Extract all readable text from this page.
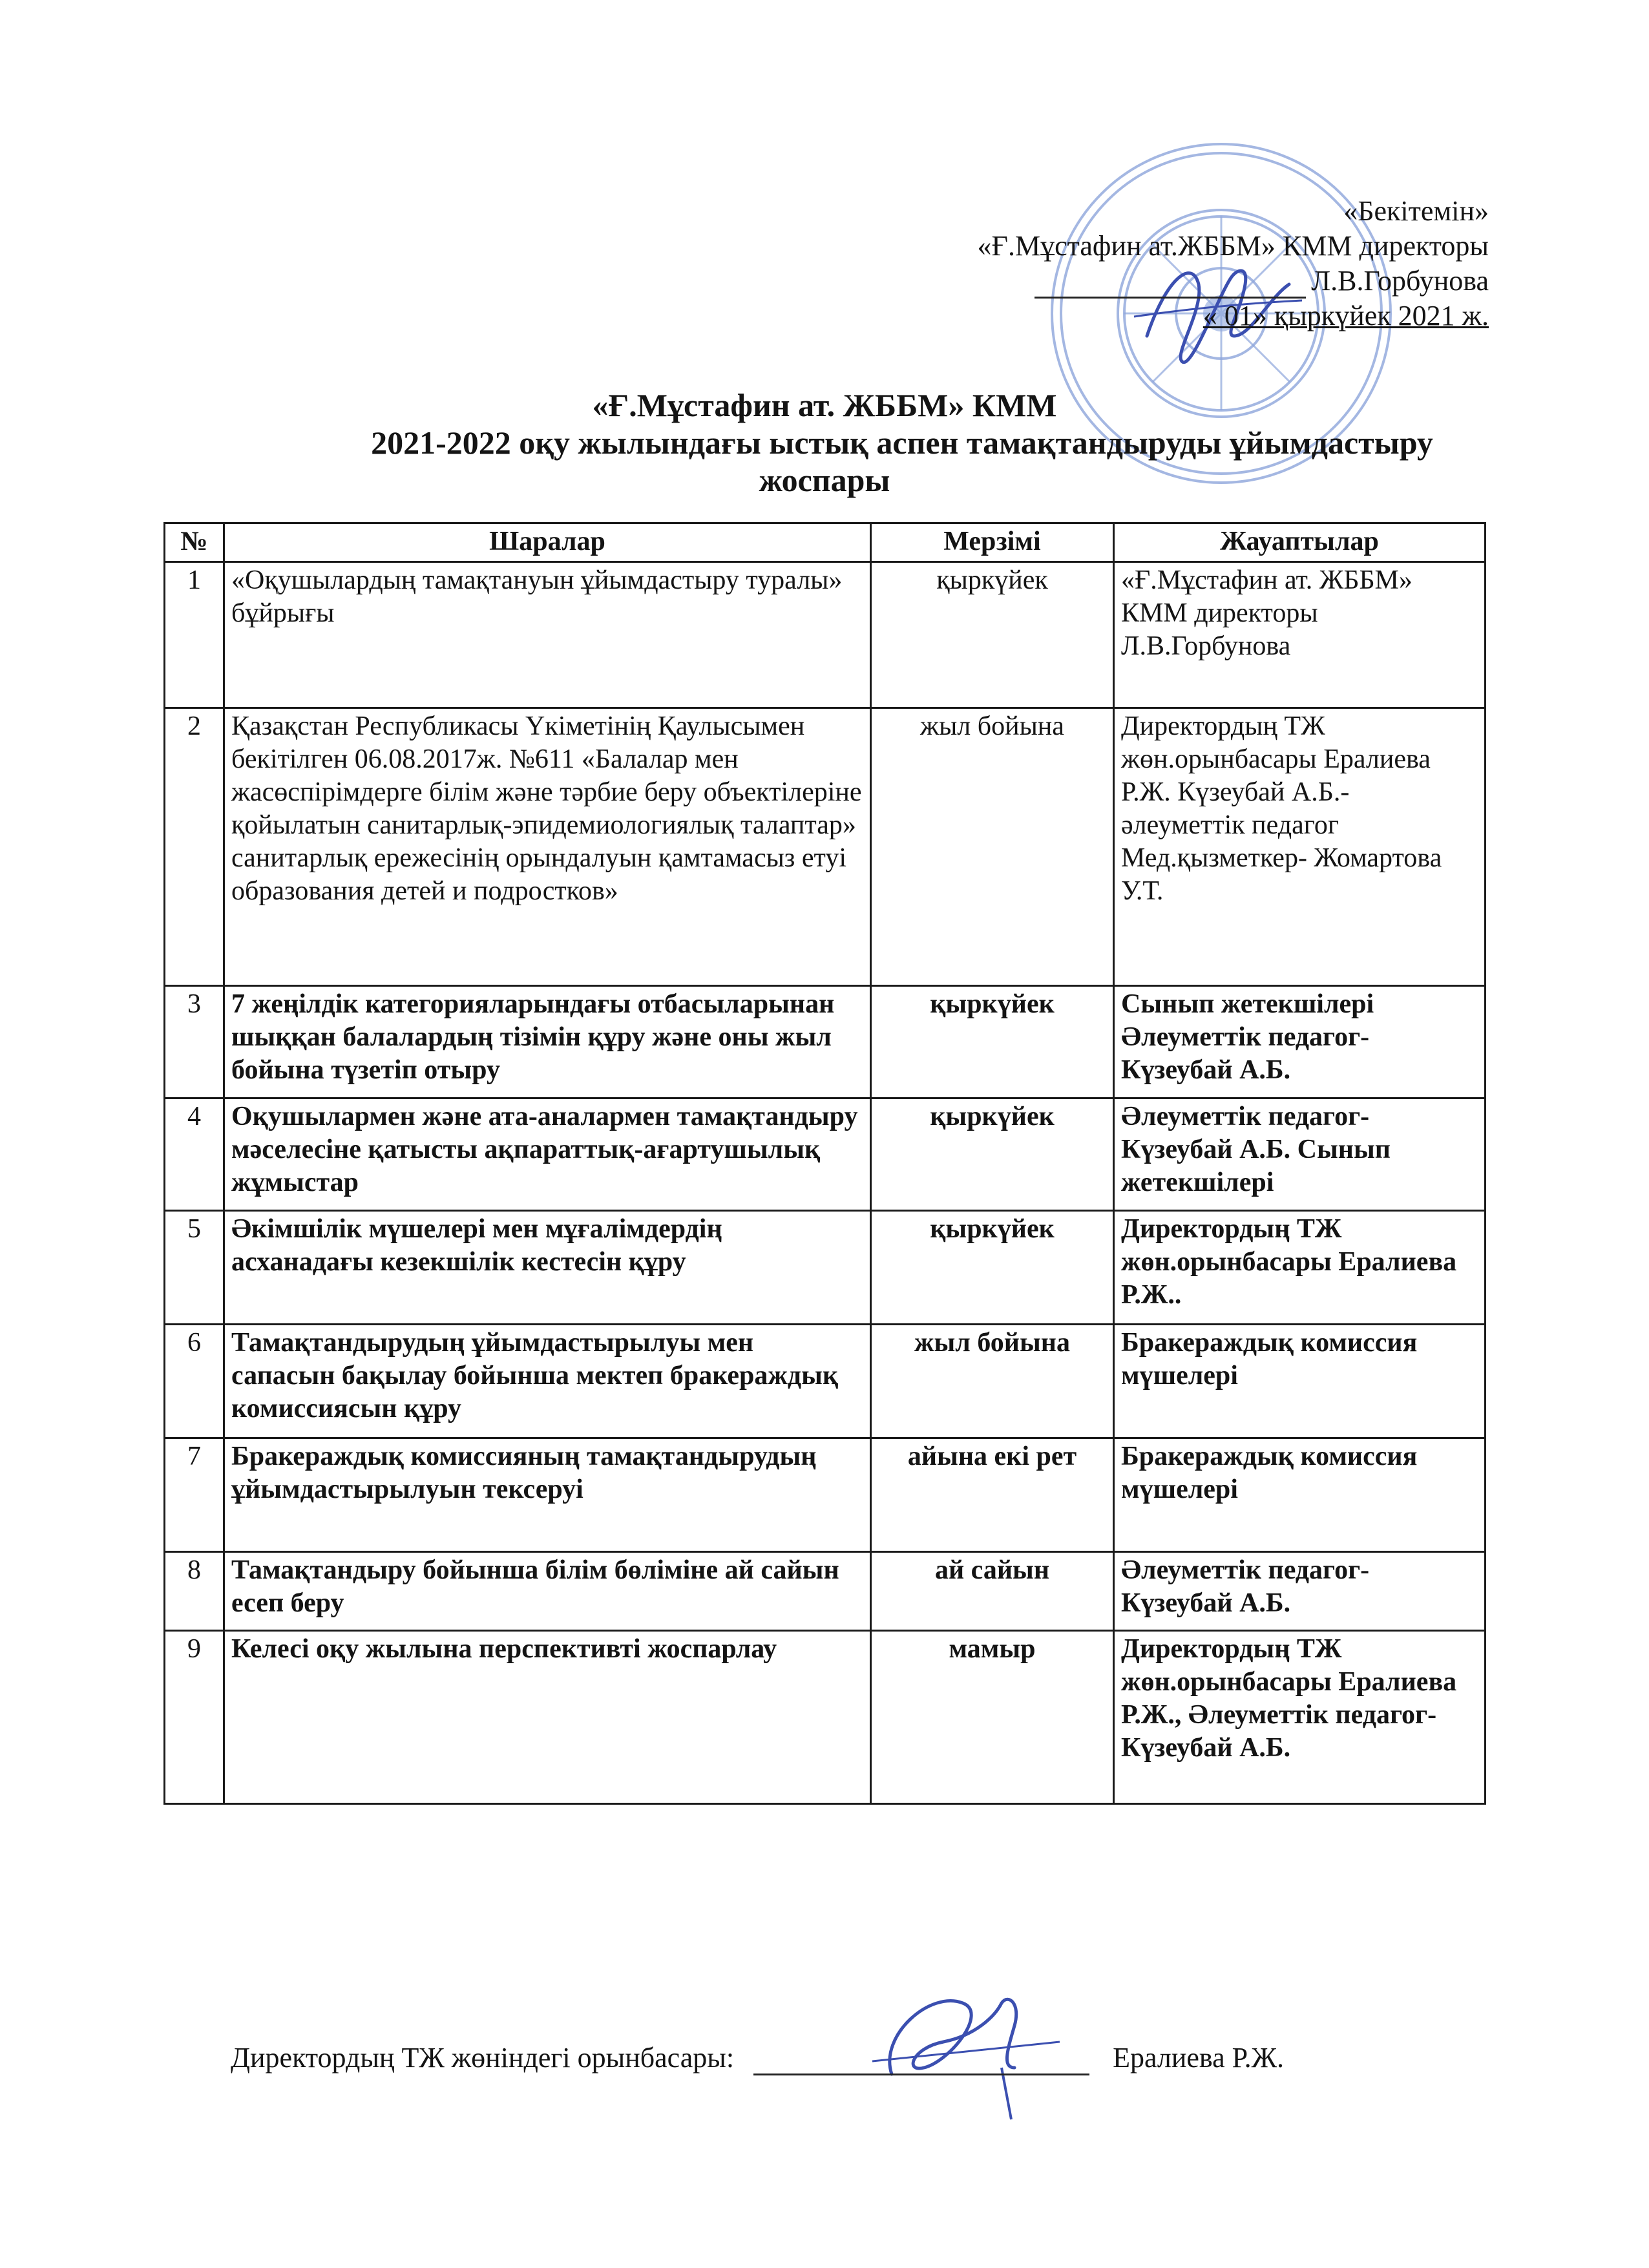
«Бекітемін»
«Ғ.Мұстафин ат.ЖББМ» КММ директоры
Л.В.Горбунова
« 01» қыркүйек 2021 ж.
«Ғ.Мұстафин ат. ЖББМ» КММ
2021-2022 оқу жылындағы ыстық аспен тамақтандыруды ұйымдастыру
жоспары
№	Шаралар	Мерзімі	Жауаптылар
1	«Оқушылардың тамақтануын ұйымдастыру туралы» бұйрығы	қыркүйек	«Ғ.Мұстафин ат. ЖББМ» КММ директоры Л.В.Горбунова
2	Қазақстан Республикасы Үкіметінің Қаулысымен бекітілген 06.08.2017ж. №611 «Балалар мен жасөспірімдерге білім және тәрбие беру объектілеріне қойылатын санитарлық-эпидемиологиялық талаптар» санитарлық ережесінің орындалуын қамтамасыз етуі образования детей и подростков»	жыл бойына	Директордың ТЖ жөн.орынбасары Ералиева Р.Ж. Күзеубай А.Б.- әлеуметтік педагог Мед.қызметкер- Жомартова У.Т.
3	7 жеңілдік категорияларындағы отбасыларынан шыққан балалардың тізімін құру және оны жыл бойына түзетіп отыру	қыркүйек	Сынып жетекшілері Әлеуметтік педагог- Күзеубай А.Б.
4	Оқушылармен және ата-аналармен тамақтандыру мәселесіне қатысты ақпараттық-ағартушылық жұмыстар	қыркүйек	Әлеуметтік педагог- Күзеубай А.Б. Сынып жетекшілері
5	Әкімшілік мүшелері мен мұғалімдердің асханадағы кезекшілік кестесін құру	қыркүйек	Директордың ТЖ жөн.орынбасары Ералиева Р.Ж..
6	Тамақтандырудың ұйымдастырылуы мен сапасын бақылау бойынша мектеп бракераждық комиссиясын құру	жыл бойына	Бракераждық комиссия мүшелері
7	Бракераждық комиссияның тамақтандырудың ұйымдастырылуын тексеруі	айына екі рет	Бракераждық комиссия мүшелері
8	Тамақтандыру бойынша білім бөліміне ай сайын есеп беру	ай сайын	Әлеуметтік педагог- Күзеубай А.Б.
9	Келесі оқу жылына перспективті жоспарлау	мамыр	Директордың ТЖ жөн.орынбасары Ералиева Р.Ж., Әлеуметтік педагог- Күзеубай А.Б.
Директордың ТЖ жөніндегі орынбасары:	Ералиева Р.Ж.
